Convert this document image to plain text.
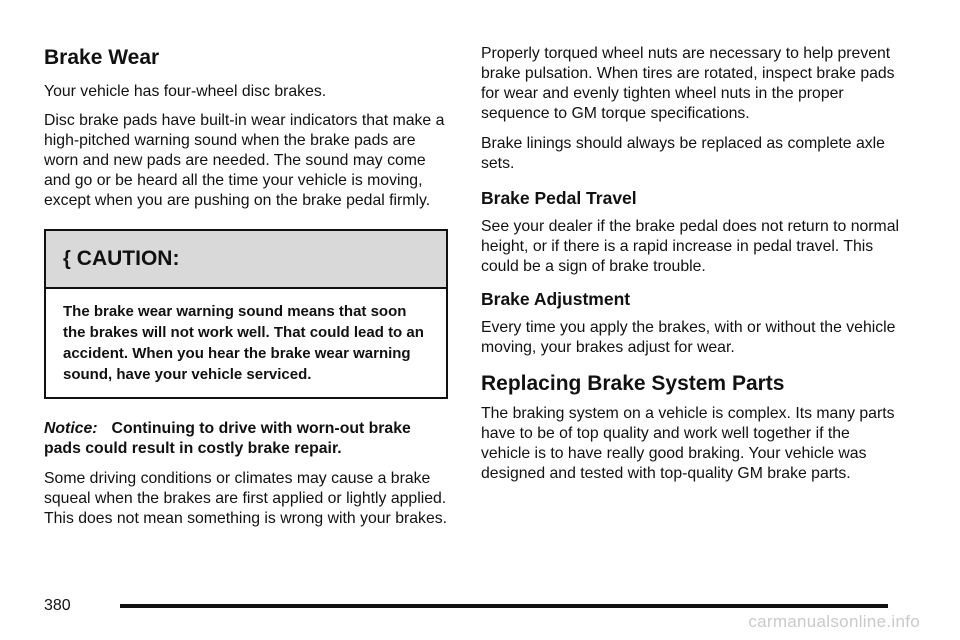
Brake Wear

Your vehicle has four-wheel disc brakes.

Disc brake pads have built-in wear indicators that make a high-pitched warning sound when the brake pads are worn and new pads are needed. The sound may come and go or be heard all the time your vehicle is moving, except when you are pushing on the brake pedal firmly.

{ CAUTION:
The brake wear warning sound means that soon the brakes will not work well. That could lead to an accident. When you hear the brake wear warning sound, have your vehicle serviced.

Notice: Continuing to drive with worn-out brake pads could result in costly brake repair.

Some driving conditions or climates may cause a brake squeal when the brakes are first applied or lightly applied. This does not mean something is wrong with your brakes.

Properly torqued wheel nuts are necessary to help prevent brake pulsation. When tires are rotated, inspect brake pads for wear and evenly tighten wheel nuts in the proper sequence to GM torque specifications.

Brake linings should always be replaced as complete axle sets.

Brake Pedal Travel

See your dealer if the brake pedal does not return to normal height, or if there is a rapid increase in pedal travel. This could be a sign of brake trouble.

Brake Adjustment

Every time you apply the brakes, with or without the vehicle moving, your brakes adjust for wear.

Replacing Brake System Parts

The braking system on a vehicle is complex. Its many parts have to be of top quality and work well together if the vehicle is to have really good braking. Your vehicle was designed and tested with top-quality GM brake parts.

380
carmanualsonline.info
